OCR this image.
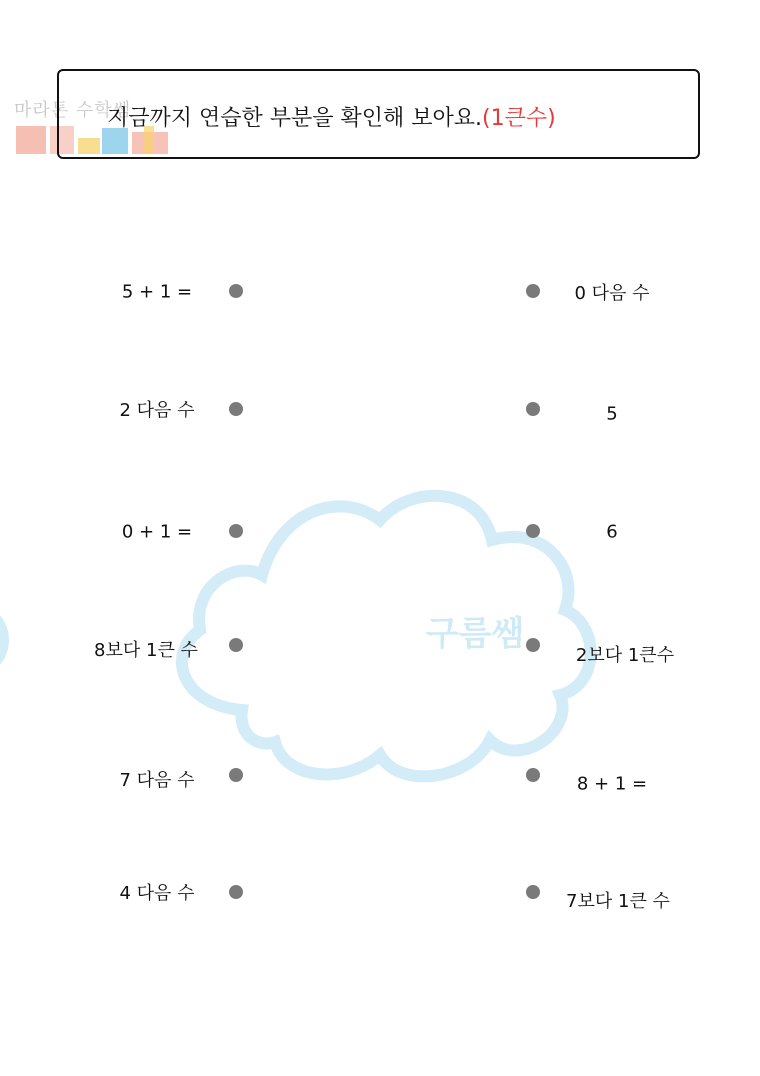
마라톤 수학쌤
지금까지 연습한 부분을 확인해 보아요.(1큰수)
구름쌤
5 + 1 =
2 다음 수
0 + 1 =
8보다 1큰 수
7 다음 수
4 다음 수
0 다음 수
5
6
2보다 1큰수
8 + 1 =
7보다 1큰 수
